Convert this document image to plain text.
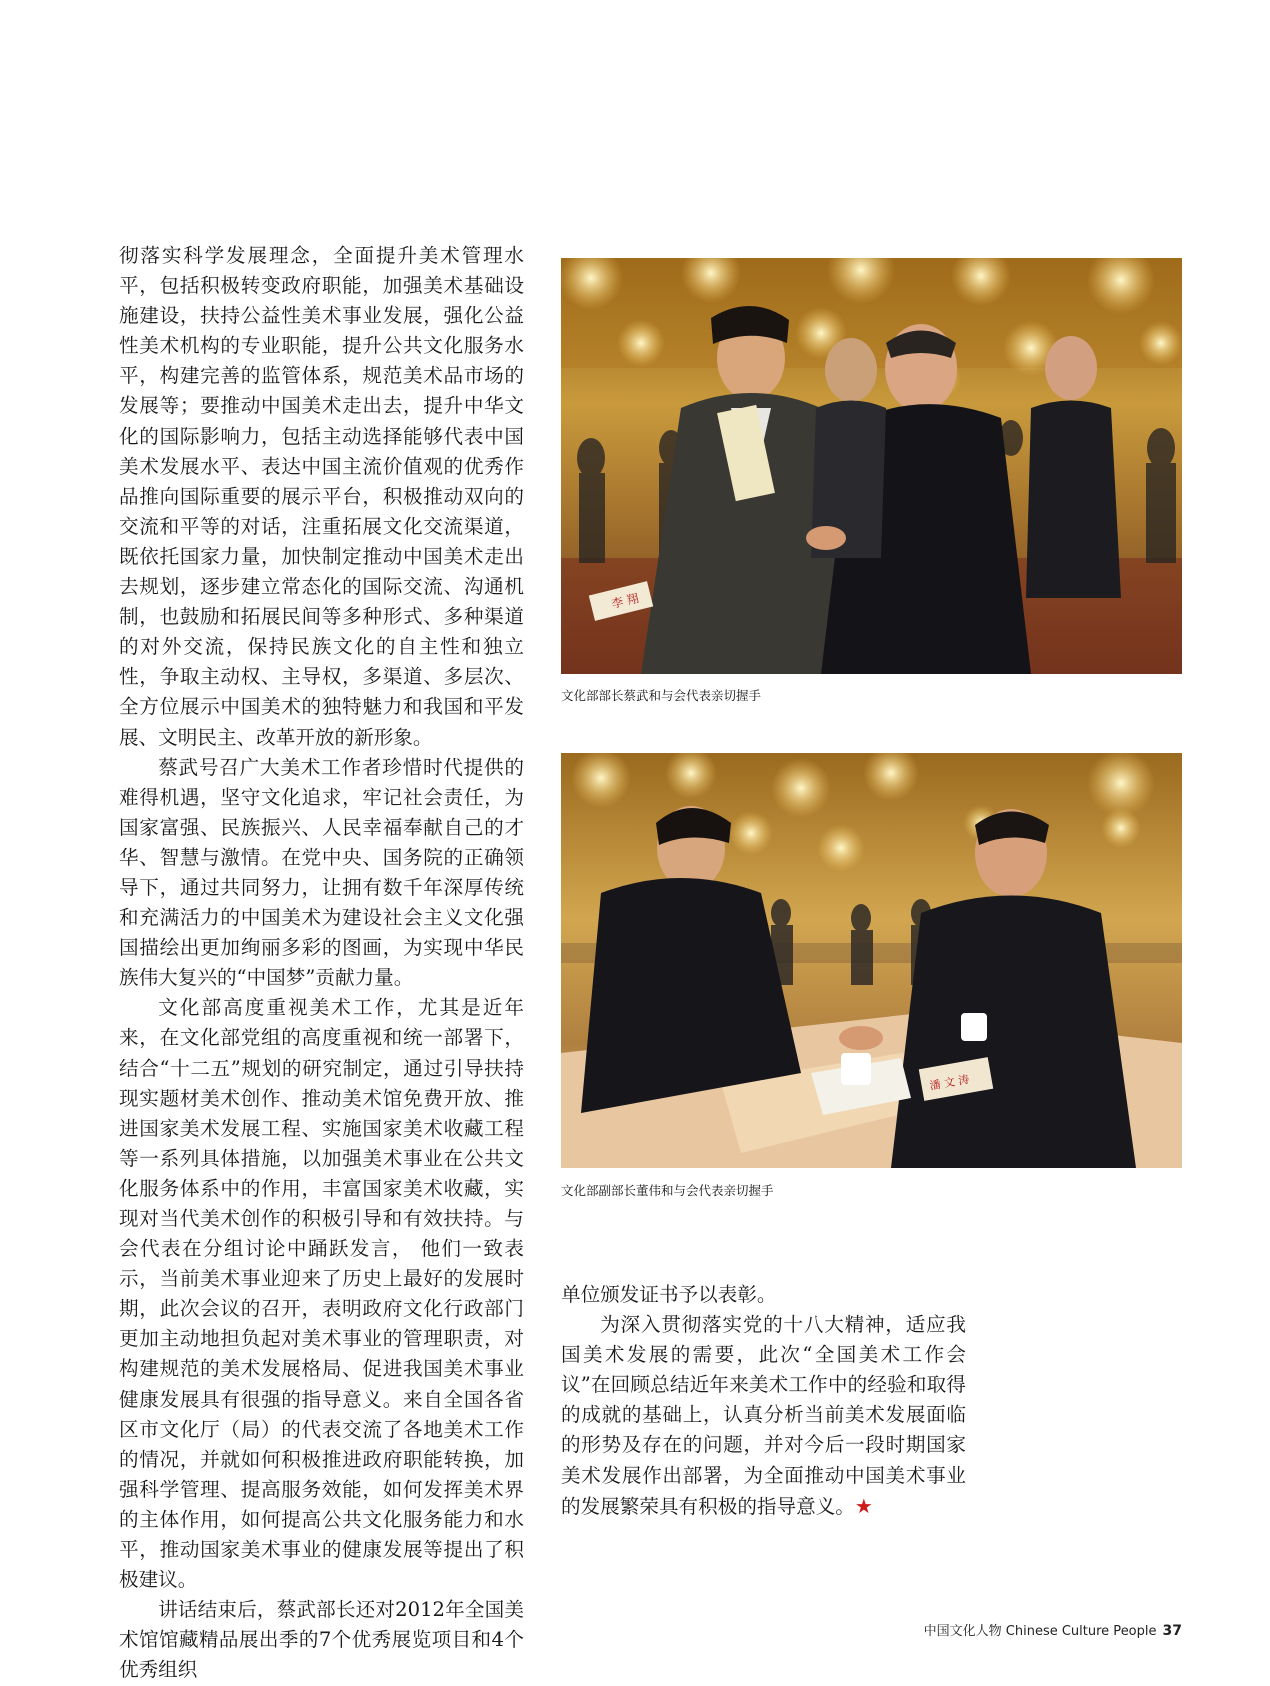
彻落实科学发展理念，全面提升美术管理水平，包括积极转变政府职能，加强美术基础设施建设，扶持公益性美术事业发展，强化公益性美术机构的专业职能，提升公共文化服务水平，构建完善的监管体系，规范美术品市场的发展等；要推动中国美术走出去，提升中华文化的国际影响力，包括主动选择能够代表中国美术发展水平、表达中国主流价值观的优秀作品推向国际重要的展示平台，积极推动双向的交流和平等的对话，注重拓展文化交流渠道，既依托国家力量，加快制定推动中国美术走出去规划，逐步建立常态化的国际交流、沟通机制，也鼓励和拓展民间等多种形式、多种渠道的对外交流，保持民族文化的自主性和独立性，争取主动权、主导权，多渠道、多层次、全方位展示中国美术的独特魅力和我国和平发展、文明民主、改革开放的新形象。

蔡武号召广大美术工作者珍惜时代提供的难得机遇，坚守文化追求，牢记社会责任，为国家富强、民族振兴、人民幸福奉献自己的才华、智慧与激情。在党中央、国务院的正确领导下，通过共同努力，让拥有数千年深厚传统和充满活力的中国美术为建设社会主义文化强国描绘出更加绚丽多彩的图画，为实现中华民族伟大复兴的“中国梦”贡献力量。

文化部高度重视美术工作，尤其是近年来，在文化部党组的高度重视和统一部署下，结合“十二五”规划的研究制定，通过引导扶持现实题材美术创作、推动美术馆免费开放、推进国家美术发展工程、实施国家美术收藏工程等一系列具体措施，以加强美术事业在公共文化服务体系中的作用，丰富国家美术收藏，实现对当代美术创作的积极引导和有效扶持。与会代表在分组讨论中踊跃发言， 他们一致表示，当前美术事业迎来了历史上最好的发展时期，此次会议的召开，表明政府文化行政部门更加主动地担负起对美术事业的管理职责，对构建规范的美术发展格局、促进我国美术事业健康发展具有很强的指导意义。来自全国各省区市文化厅（局）的代表交流了各地美术工作的情况，并就如何积极推进政府职能转换，加强科学管理、提高服务效能，如何发挥美术界的主体作用，如何提高公共文化服务能力和水平，推动国家美术事业的健康发展等提出了积极建议。

讲话结束后，蔡武部长还对2012年全国美术馆馆藏精品展出季的7个优秀展览项目和4个优秀组织

李 翔
文化部部长蔡武和与会代表亲切握手
潘 文 涛
文化部副部长董伟和与会代表亲切握手

单位颁发证书予以表彰。

为深入贯彻落实党的十八大精神，适应我国美术发展的需要，此次“全国美术工作会议”在回顾总结近年来美术工作中的经验和取得的成就的基础上，认真分析当前美术发展面临的形势及存在的问题，并对今后一段时期国家美术发展作出部署，为全面推动中国美术事业的发展繁荣具有积极的指导意义。★

中国文化人物 Chinese Culture People 37
